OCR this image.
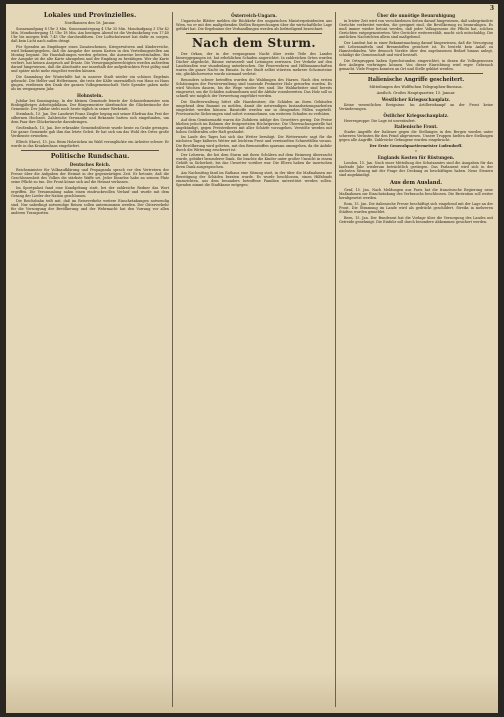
3
Lokales und Provinzielles.
Nordhausen den 16. Januar.

Sonnenaufgang 8 Uhr 3 Min. Sonnenuntergang 4 Uhr 35 Min. Mondaufgang 3 Uhr 42 Min. Monduntergang 11 Uhr 18 Min. Am heutigen Abend ist die Verdunkelung von 17.40 Uhr bis morgen früh 7.45 Uhr durchzuführen. Der Luftschutzwart hat dafür zu sorgen, daß kein Licht nach außen dringt.

Für Spenden an Empfänger eines Zusatzscheines, Kriegerwitwen und Kinderreiche, wird bekanntgegeben, daß die Ausgabe der neuen Karten in den Verteilungsstellen am Montag beginnt. Die Haushaltungen werden gebeten, die Ausweise bereitzuhalten. Bei der Ausgabe ist die alte Karte abzugeben und der Empfang zu bestätigen. Wer die Karte verliert, hat keinen Anspruch auf Ersatz. Die Versorgungsberechtigten werden außerdem darauf hingewiesen, daß die Abschnitte nur innerhalb der aufgedruckten Frist gültig sind und später nicht mehr eingelöst werden können.

Die Sammlung der Winterhilfe hat in unserer Stadt wieder ein schönes Ergebnis gebracht. Die Helfer und Helferinnen, die trotz der Kälte unermüdlich von Haus zu Haus gingen, verdienen den Dank der ganzen Volksgemeinschaft. Viele Spender gaben mehr als im vergangenen Jahr.

Hohnstein.

Jubilar bei Sonntagstag. In der kleinen Gemeinde feierte der Schmiedemeister sein fünfzigjähriges Arbeitsjubiläum. Der Bürgermeister überbrachte die Glückwünsche der Gemeinde. Der Jubilar steht noch heute täglich in seiner Werkstatt.

Steinbach, 15. Jan. Der Landwirt Franz Ziegler beging mit seiner Ehefrau das Fest der silbernen Hochzeit. Zahlreiche Verwandte und Bekannte hatten sich eingefunden, um dem Paar ihre Glückwünsche darzubringen.

Großenbach, 15. Jan. Der erkrankte Gemeindeälteste wurde heute zu Grabe getragen. Die ganze Gemeinde gab ihm das letzte Geleit. Er hat sich um das Wohl des Ortes große Verdienste erworben.

Ellrich (Harz), 15. Jan. Beim Holzrücken im Wald verunglückte ein Arbeiter schwer. Er wurde in das Krankenhaus eingeliefert.

Politische Rundschau.
Deutsches Reich.

Reichsminister für Volksaufklärung und Propaganda sprach vor den Vertretern der Presse über die Aufgaben der Heimat in der gegenwärtigen Zeit. Er betonte, daß die Geschlossenheit des Volkes die stärkste Waffe sei. Jeder Einzelne habe an seinem Platz seine Pflicht zu tun. Die Front könne sich auf die Heimat verlassen.

Im Sportpalast fand eine Kundgebung statt, bei der zahlreiche Redner das Wort ergriffen. Die Versammlung nahm einen eindrucksvollen Verlauf und wurde mit dem Gesang der Lieder der Nation geschlossen.

Die Reichsbahn teilt mit, daß im Reiseverkehr weitere Einschränkungen notwendig sind. Nur unbedingt notwendige Reisen sollen unternommen werden. Der Güterverkehr für die Versorgung der Bevölkerung und der Wehrmacht hat den Vorrang vor allen anderen Transporten.

Österreich-Ungarn.

Ungarische Blätter melden die Rückkehr des ungarischen Ministerpräsidenten aus Wien, wo er mit den maßgebenden Stellen Besprechungen über die wirtschaftliche Lage geführt hat. Die Ergebnisse der Verhandlungen werden als befriedigend bezeichnet.

Nach dem Sturm.

Der Orkan, der in der vergangenen Nacht über weite Teile des Landes hinweggegangen ist, hat erheblichen Schaden angerichtet. In zahlreichen Orten wurden Dächer abgedeckt, Bäume entwurzelt und Leitungen zerrissen. Der Verkehr auf den Landstraßen war stundenlang unterbrochen. Die Feuerwehren und Hilfsmannschaften waren die ganze Nacht im Einsatz. In der Stadt selbst stürzten mehrere Schornsteine ein; glücklicherweise wurde niemand verletzt.

Besonders schwer betroffen wurden die Waldungen des Harzes. Nach den ersten Schätzungen der Forstverwaltung sind tausende Festmeter Holz geworfen worden. Es wird Wochen dauern, bis die Wege wieder frei sind. Die Waldarbeiter sind bereits eingesetzt, um die Schäden aufzunehmen und die Abfuhr vorzubereiten. Das Holz soll so schnell wie möglich der Verwertung zugeführt werden.

Die Stadtverwaltung bittet alle Hausbesitzer, die Schäden an ihren Gebäuden umgehend dem Bauamt zu melden, damit die notwendigen Instandsetzungsarbeiten eingeleitet werden können. Baustoffe werden nur in dringenden Fällen zugeteilt. Provisorische Sicherungen sind sofort vorzunehmen, um weiteren Schaden zu verhüten.

Auf dem Gemüsemarkt waren die Zufuhren infolge des Unwetters gering. Die Preise blieben jedoch im Rahmen der festgesetzten Höchstpreise. Die Überwachungsstelle hat angekündigt, gegen Preistreiberei mit aller Schärfe vorzugehen. Verstöße werden mit hohen Geldstrafen oder Haft geahndet.

Im Laufe des Tages hat sich das Wetter beruhigt. Die Wetterwarte sagt für die nächsten Tage kälteres Wetter mit leichtem Frost und vereinzelten Schneefällen voraus. Die Bevölkerung wird gebeten, mit den Brennstoffen sparsam umzugehen, da die Anfuhr durch die Witterung erschwert ist.

Der Lehrerin, die bei dem Sturm mit ihren Schülern auf dem Heimweg überrascht wurde, gebührt besonderer Dank. Sie brachte die Kinder unter großer Umsicht in einem Gehöft in Sicherheit, bis das Unwetter vorüber war. Die Eltern haben ihr inzwischen ihren Dank ausgesprochen.

Am Nachmittag fand im Rathaus eine Sitzung statt, in der über die Maßnahmen zur Beseitigung der Schäden beraten wurde. Es wurde beschlossen, einen Hilfsfonds einzurichten, aus dem besonders betroffene Familien unterstützt werden sollen. Spenden nimmt die Stadtkasse entgegen.

Über die unnötige Beunruhigung

in letzter Zeit wird von verschiedenen Seiten darauf hingewiesen, daß unbegründete Gerüchte verbreitet werden, die geeignet sind, die Bevölkerung zu beunruhigen. Es muß immer wieder betont werden, daß jeder Volksgenosse die Pflicht hat, solchen Gerüchten entgegenzutreten. Wer Gerüchte weitererzählt, macht sich mitschuldig. Die amtlichen Nachrichten allein sind maßgebend.

Der Landrat hat in einer Bekanntmachung darauf hingewiesen, daß die Versorgung mit Lebensmitteln und Brennstoffen gesichert ist. Es besteht kein Anlaß zu Hamsterkäufen. Wer dennoch Vorräte über den zugelassenen Bedarf hinaus anlegt, schädigt die Gemeinschaft und wird bestraft.

Die Ortsgruppen haben Sprechstunden eingerichtet, in denen die Volksgenossen ihre Anliegen vorbringen können. Von dieser Einrichtung wird reger Gebrauch gemacht. Viele Fragen konnten an Ort und Stelle geklärt werden.

Italienische Angriffe gescheitert.
Mitteilungen des Wolffschen Telegraphen-Bureaus.
Amtlich. Großes Hauptquartier, 15. Januar.
Westlicher Kriegsschauplatz.

Keine wesentlichen Ereignisse. Im Artilleriekampf an der Front keine Veränderungen.

Östlicher Kriegsschauplatz.

Heeresgruppe: Die Lage ist unverändert.

Italienische Front.

Starke Angriffe der Italiener gegen die Stellungen in den Bergen wurden unter schweren Verlusten für den Feind abgewiesen. Unsere Truppen hielten ihre Stellungen gegen alle Angriffe. Zahlreiche Gefangene wurden eingebracht.

Der Erste Generalquartiermeister Ludendorff.
*
Englands Kosten für Rüstungen.

London, 15. Jan. Nach einer Mitteilung des Schatzamtes sind die Ausgaben für das laufende Jahr wiederum beträchtlich gestiegen. Das Parlament wird sich in der nächsten Sitzung mit der Frage der Deckung zu beschäftigen haben. Neue Steuern sind angekündigt.

Aus dem Ausland.

Genf, 15. Jan. Nach Meldungen aus Paris hat die französische Regierung neue Maßnahmen zur Einschränkung des Verbrauchs beschlossen. Die Brotration soll weiter herabgesetzt werden.

Rom, 15. Jan. Die italienische Presse beschäftigt sich eingehend mit der Lage an der Front. Die Stimmung im Lande wird als gedrückt geschildert. Streiks in mehreren Städten wurden gemeldet.

Bern, 15. Jan. Der Bundesrat hat die Vorlage über die Versorgung des Landes mit Getreide genehmigt. Die Einfuhr soll durch besondere Abkommen gesichert werden.
